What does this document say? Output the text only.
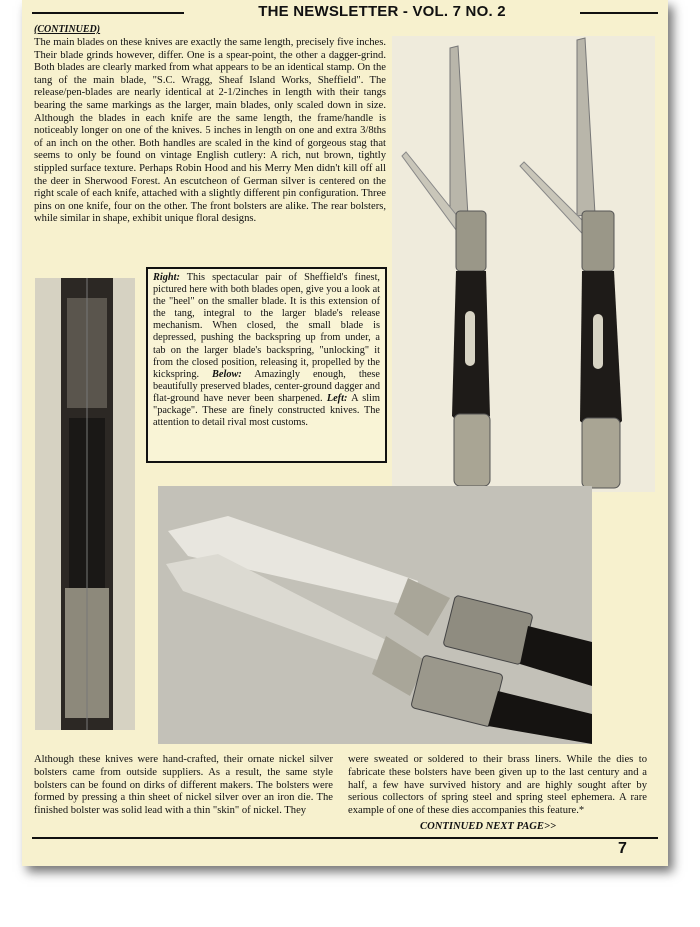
THE NEWSLETTER - VOL. 7 NO. 2
(CONTINUED)
The main blades on these knives are exactly the same length, precisely five inches. Their blade grinds however, differ. One is a spear-point, the other a dagger-grind. Both blades are clearly marked from what appears to be an identical stamp. On the tang of the main blade, "S.C. Wragg, Sheaf Island Works, Sheffield". The release/pen-blades are nearly identical at 2-1/2inches in length with their tangs bearing the same markings as the larger, main blades, only scaled down in size. Although the blades in each knife are the same length, the frame/handle is noticeably longer on one of the knives. 5 inches in length on one and extra 3/8ths of an inch on the other. Both handles are scaled in the kind of gorgeous stag that seems to only be found on vintage English cutlery: A rich, nut brown, tightly stippled surface texture. Perhaps Robin Hood and his Merry Men didn't kill off all the deer in Sherwood Forest. An escutcheon of German silver is centered on the right scale of each knife, attached with a slightly different pin configuration. Three pins on one knife, four on the other. The front bolsters are alike. The rear bolsters, while similar in shape, exhibit unique floral designs.
Right: This spectacular pair of Sheffield's finest, pictured here with both blades open, give you a look at the "heel" on the smaller blade. It is this extension of the tang, integral to the larger blade's release mechanism. When closed, the small blade is depressed, pushing the backspring up from under, a tab on the larger blade's backspring, "unlocking" it from the closed position, releasing it, propelled by the kickspring. Below: Amazingly enough, these beautifully preserved blades, center-ground dagger and flat-ground have never been sharpened. Left: A slim "package". These are finely constructed knives. The attention to detail rival most customs.
Although these knives were hand-crafted, their ornate nickel silver bolsters came from outside suppliers. As a result, the same style bolsters can be found on dirks of different makers. The bolsters were formed by pressing a thin sheet of nickel silver over an iron die. The finished bolster was solid lead with a thin "skin" of nickel. They
were sweated or soldered to their brass liners. While the dies to fabricate these bolsters have been given up to the last century and a half, a few have survived history and are highly sought after by serious collectors of spring steel and spring steel ephemera. A rare example of one of these dies accompanies this feature.*
CONTINUED NEXT PAGE>>
7
